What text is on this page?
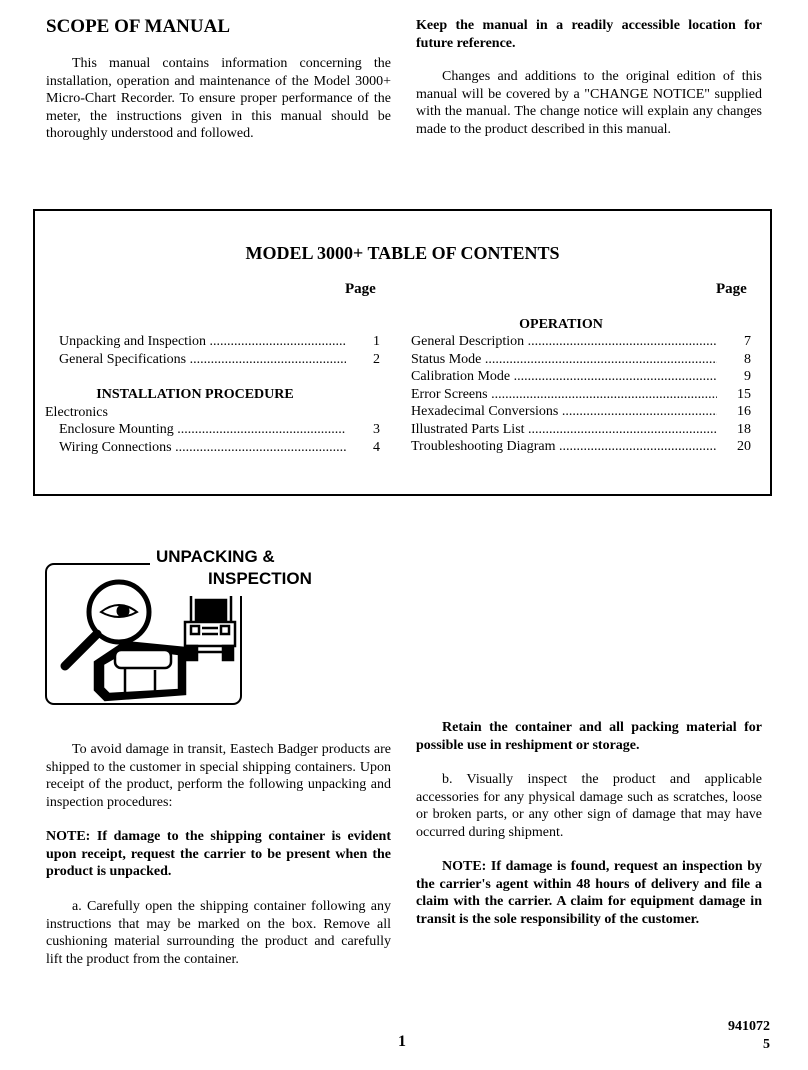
SCOPE OF MANUAL
This manual contains information concerning the installation, operation and maintenance of the Model 3000+ Micro-Chart Recorder. To ensure proper performance of the meter, the instructions given in this manual should be thoroughly understood and followed.
Keep the manual in a readily accessible location for future reference.
Changes and additions to the original edition of this manual will be covered by a "CHANGE NOTICE" supplied with the manual. The change notice will explain any changes made to the product described in this manual.
MODEL 3000+ TABLE OF CONTENTS
Page	Page
Unpacking and Inspection .....	1
General Specifications .....	2
INSTALLATION PROCEDURE
Electronics
Enclosure Mounting .....	3
Wiring Connections .....	4
OPERATION
General Description .....	7
Status Mode .....	8
Calibration Mode .....	9
Error Screens .....	15
Hexadecimal Conversions .....	16
Illustrated Parts List .....	18
Troubleshooting Diagram .....	20
UNPACKING &
INSPECTION
To avoid damage in transit, Eastech Badger products are shipped to the customer in special shipping containers. Upon receipt of the product, perform the following unpacking and inspection procedures:
NOTE: If damage to the shipping container is evident upon receipt, request the carrier to be present when the product is unpacked.
a. Carefully open the shipping container following any instructions that may be marked on the box. Remove all cushioning material surrounding the product and carefully lift the product from the container.
Retain the container and all packing material for possible use in reshipment or storage.
b. Visually inspect the product and applicable accessories for any physical damage such as scratches, loose or broken parts, or any other sign of damage that may have occurred during shipment.
NOTE: If damage is found, request an inspection by the carrier's agent within 48 hours of delivery and file a claim with the carrier. A claim for equipment damage in transit is the sole responsibility of the customer.
1
941072
5
